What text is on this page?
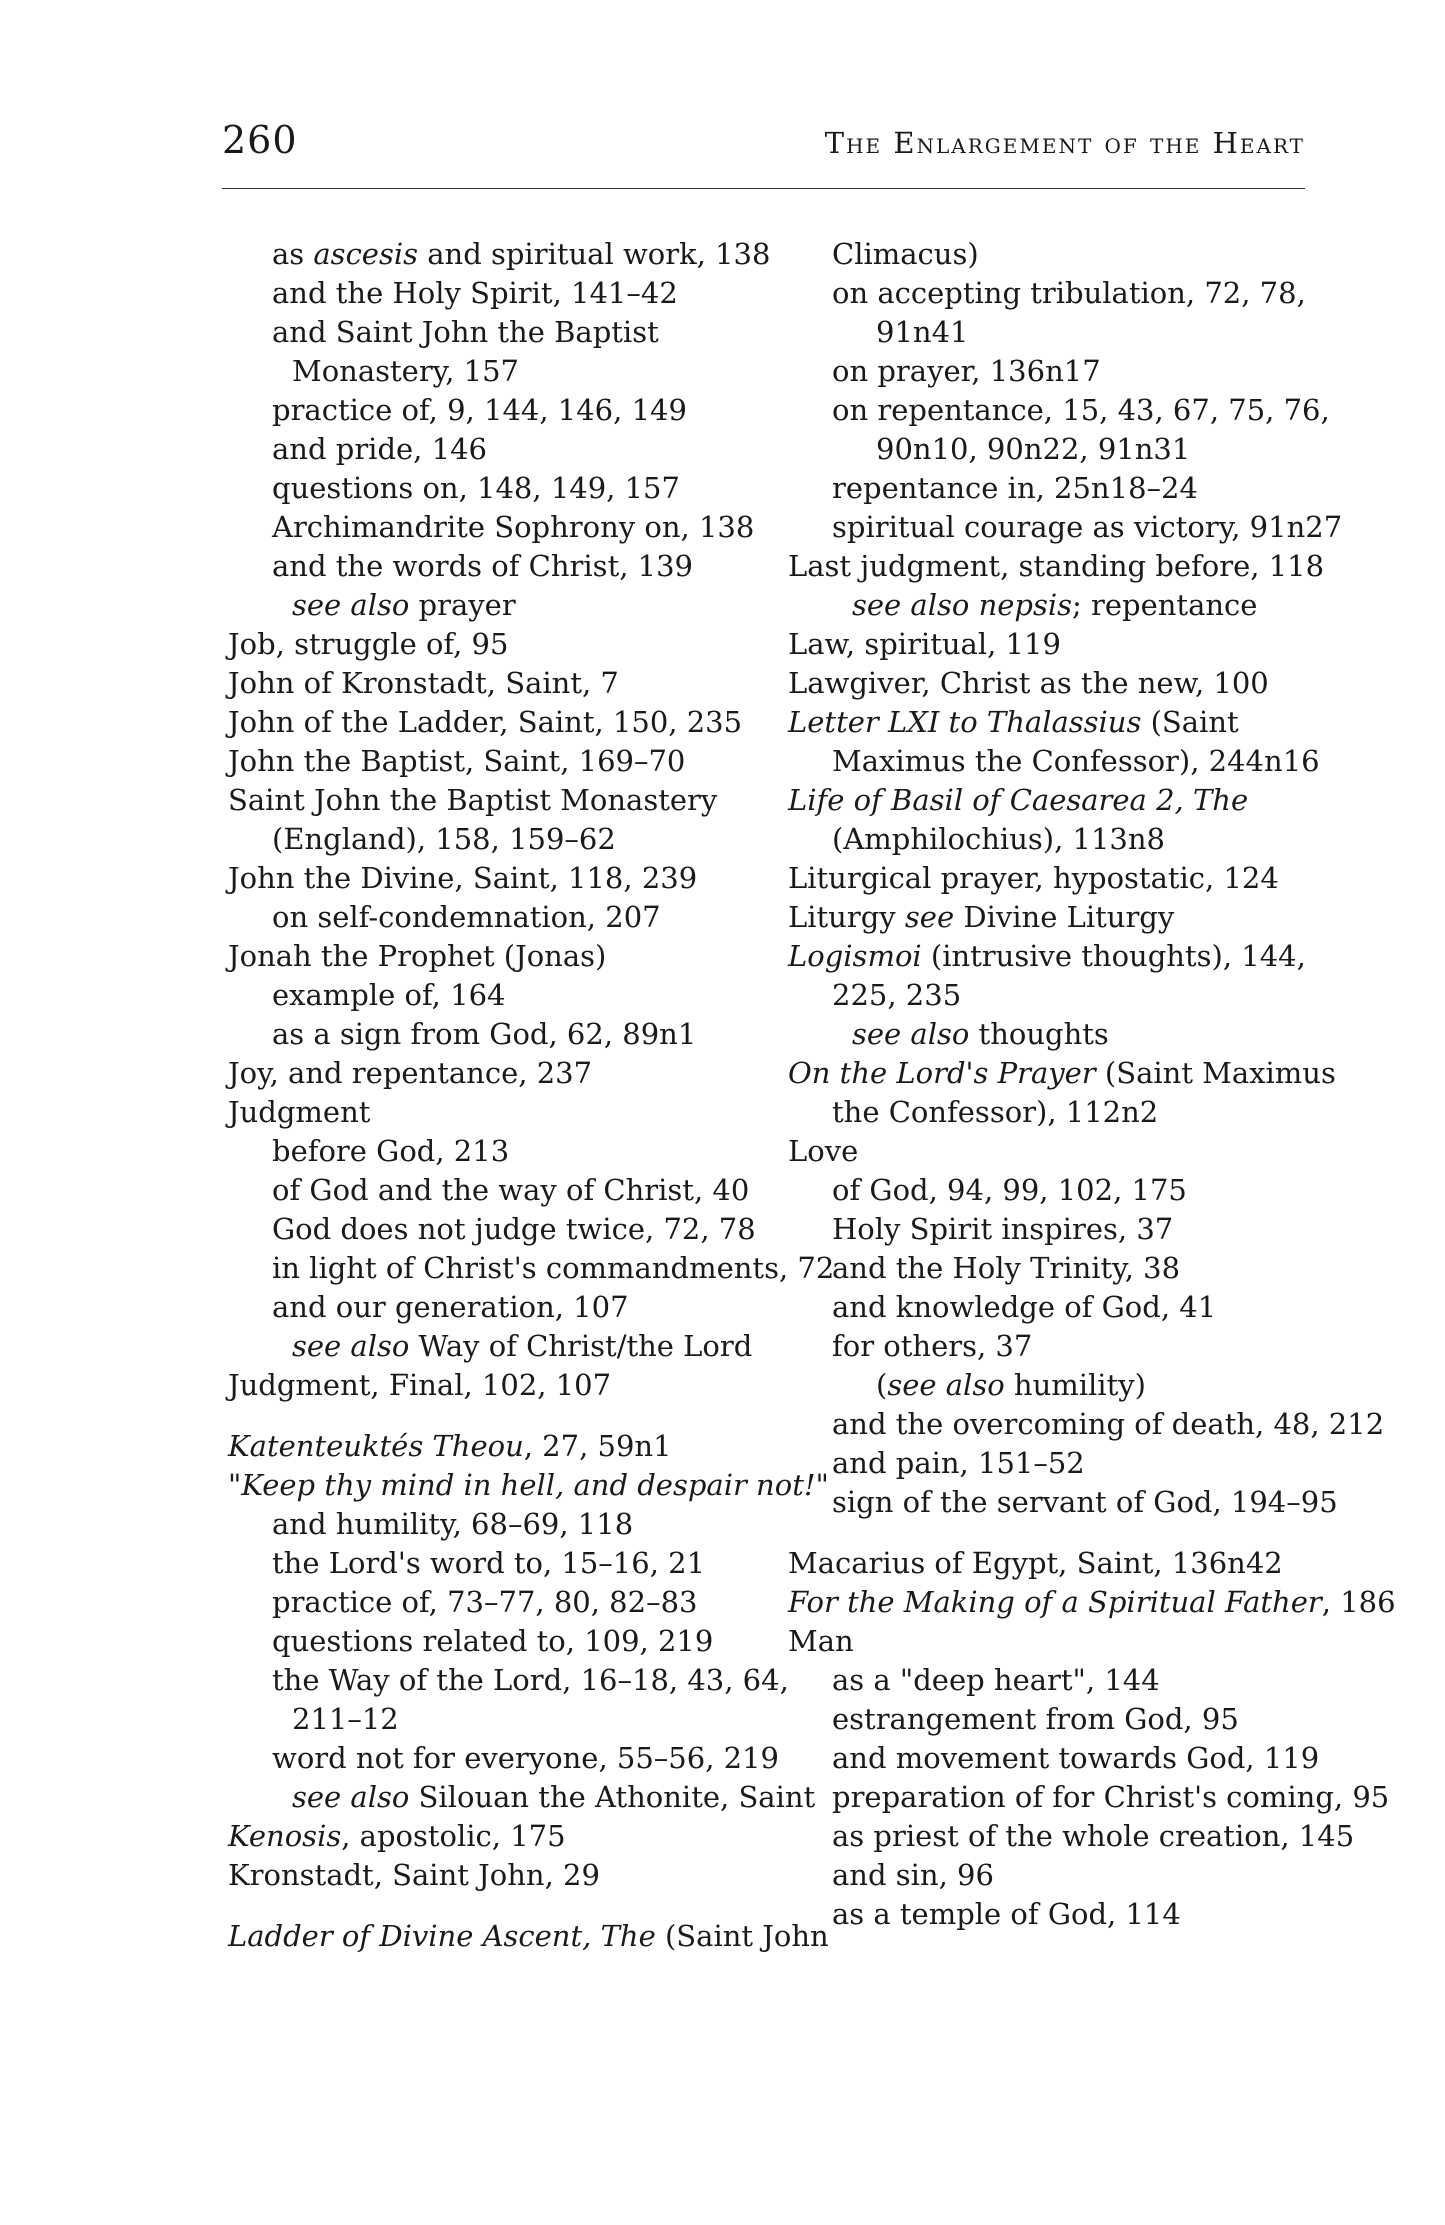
260	The Enlargement of the Heart
as ascesis and spiritual work, 138
and the Holy Spirit, 141–42
and Saint John the Baptist
Monastery, 157
practice of, 9, 144, 146, 149
and pride, 146
questions on, 148, 149, 157
Archimandrite Sophrony on, 138
and the words of Christ, 139
see also prayer
Job, struggle of, 95
John of Kronstadt, Saint, 7
John of the Ladder, Saint, 150, 235
John the Baptist, Saint, 169–70
Saint John the Baptist Monastery
(England), 158, 159–62
John the Divine, Saint, 118, 239
on self-condemnation, 207
Jonah the Prophet (Jonas)
example of, 164
as a sign from God, 62, 89n1
Joy, and repentance, 237
Judgment
before God, 213
of God and the way of Christ, 40
God does not judge twice, 72, 78
in light of Christ's commandments, 72
and our generation, 107
see also Way of Christ/the Lord
Judgment, Final, 102, 107
Katenteuktés Theou, 27, 59n1
"Keep thy mind in hell, and despair not!"
and humility, 68–69, 118
the Lord's word to, 15–16, 21
practice of, 73–77, 80, 82–83
questions related to, 109, 219
the Way of the Lord, 16–18, 43, 64,
211–12
word not for everyone, 55–56, 219
see also Silouan the Athonite, Saint
Kenosis, apostolic, 175
Kronstadt, Saint John, 29
Ladder of Divine Ascent, The (Saint John
Climacus)
on accepting tribulation, 72, 78,
91n41
on prayer, 136n17
on repentance, 15, 43, 67, 75, 76,
90n10, 90n22, 91n31
repentance in, 25n18–24
spiritual courage as victory, 91n27
Last judgment, standing before, 118
see also nepsis; repentance
Law, spiritual, 119
Lawgiver, Christ as the new, 100
Letter LXI to Thalassius (Saint
Maximus the Confessor), 244n16
Life of Basil of Caesarea 2, The
(Amphilochius), 113n8
Liturgical prayer, hypostatic, 124
Liturgy see Divine Liturgy
Logismoi (intrusive thoughts), 144,
225, 235
see also thoughts
On the Lord's Prayer (Saint Maximus
the Confessor), 112n2
Love
of God, 94, 99, 102, 175
Holy Spirit inspires, 37
and the Holy Trinity, 38
and knowledge of God, 41
for others, 37
(see also humility)
and the overcoming of death, 48, 212
and pain, 151–52
sign of the servant of God, 194–95
Macarius of Egypt, Saint, 136n42
For the Making of a Spiritual Father, 186
Man
as a "deep heart", 144
estrangement from God, 95
and movement towards God, 119
preparation of for Christ's coming, 95
as priest of the whole creation, 145
and sin, 96
as a temple of God, 114
